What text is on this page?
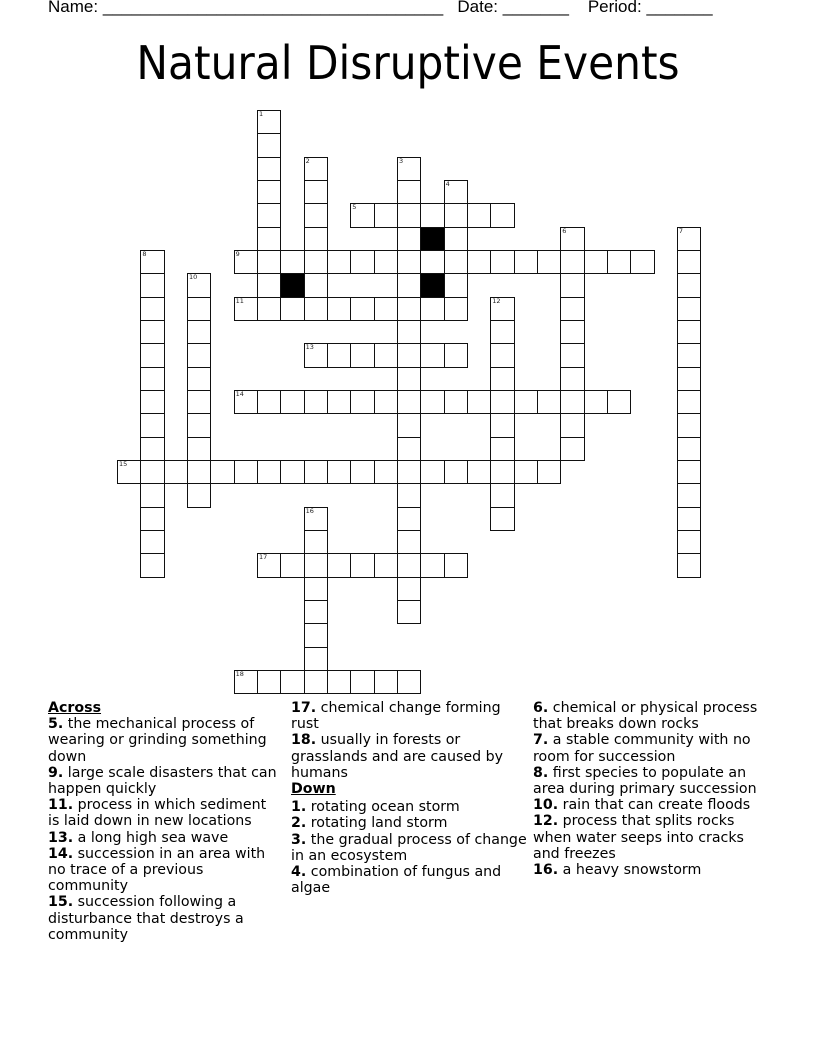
Name: ____________________________________ Date: _______ Period: _______
Natural Disruptive Events
1
2	3
4
5
6	7
8	9
10
11	12
13
14
15
16
17
18
Across
5. the mechanical process of wearing or grinding something down
9. large scale disasters that can happen quickly
11. process in which sediment is laid down in new locations
13. a long high sea wave
14. succession in an area with no trace of a previous community
15. succession following a disturbance that destroys a community
17. chemical change forming rust
18. usually in forests or grasslands and are caused by humans
Down
1. rotating ocean storm
2. rotating land storm
3. the gradual process of change in an ecosystem
4. combination of fungus and algae
6. chemical or physical process that breaks down rocks
7. a stable community with no room for succession
8. first species to populate an area during primary succession
10. rain that can create floods
12. process that splits rocks when water seeps into cracks and freezes
16. a heavy snowstorm
